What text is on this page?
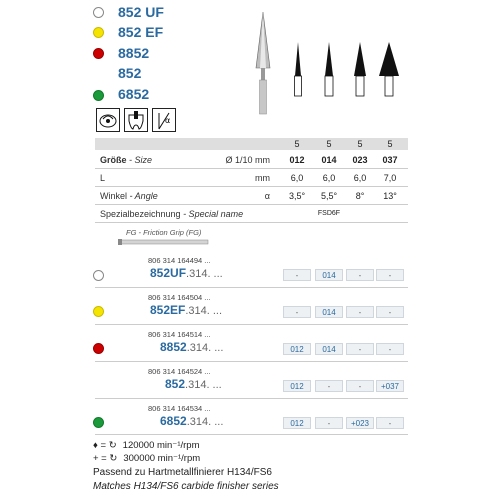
852 UF
852 EF
8852
852
6852
α
5	5	5	5
Größe - Size	Ø 1/10 mm	012	014	023	037
L	mm	6,0	6,0	6,0	7,0
Winkel - Angle	α	3,5°	5,5°	8°	13°
Spezialbezeichnung - Special name	FSD6F
FG - Friction Grip (FG)
806 314 164494 ...
852UF.314. ...	-	014	-	-
806 314 164504 ...
852EF.314. ...	-	014	-	-
806 314 164514 ...
8852.314. ...	012	014	-	-
806 314 164524 ...
852.314. ...	012	-	-	+037
806 314 164534 ...
6852.314. ...	012	-	+023	-
♦ = ↻ 120000 min⁻¹/rpm
+ = ↻ 300000 min⁻¹/rpm
Passend zu Hartmetallfinierer H134/FS6
Matches H134/FS6 carbide finisher series
